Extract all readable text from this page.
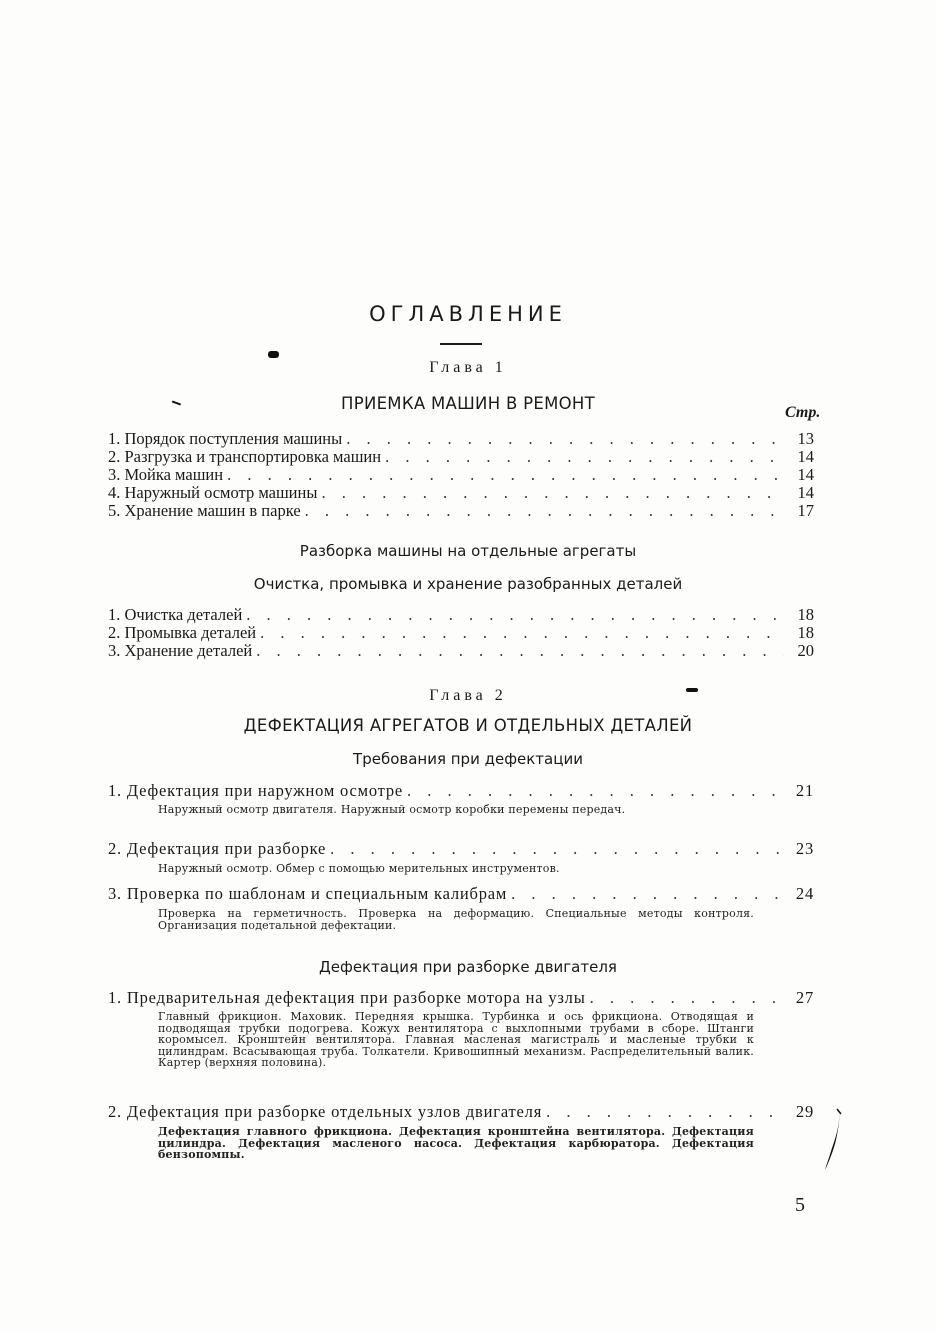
ОГЛАВЛЕНИЕ
Глава 1
ПРИЕМКА МАШИН В РЕМОНТ	Стр.
1. Порядок поступления машины . . .	13
2. Разгрузка и транспортировка машин . . .	14
3. Мойка машин . . .	14
4. Наружный осмотр машины . . .	14
5. Хранение машин в парке . . .	17
Разборка машины на отдельные агрегаты
Очистка, промывка и хранение разобранных деталей
1. Очистка деталей . . .	18
2. Промывка деталей . . .	18
3. Хранение деталей . . .	20
Глава 2
ДЕФЕКТАЦИЯ АГРЕГАТОВ И ОТДЕЛЬНЫХ ДЕТАЛЕЙ
Требования при дефектации
1. Дефектация при наружном осмотре . . .	21
Наружный осмотр двигателя. Наружный осмотр коробки перемены передач.
2. Дефектация при разборке . . .	23
Наружный осмотр. Обмер с помощью мерительных инструментов.
3. Проверка по шаблонам и специальным калибрам . . .	24
Проверка на герметичность. Проверка на деформацию. Специальные методы контроля. Организация подетальной дефектации.
Дефектация при разборке двигателя
1. Предварительная дефектация при разборке мотора на узлы . . .	27
Главный фрикцион. Маховик. Передняя крышка. Турбинка и ось фрикциона. Отводящая и подводящая трубки подогрева. Кожух вентилятора с выхлопными трубами в сборе. Штанги коромысел. Кронштейн вентилятора. Главная масленая магистраль и масленые трубки к цилиндрам. Всасывающая труба. Толкатели. Кривошипный механизм. Распределительный валик. Картер (верхняя половина).
2. Дефектация при разборке отдельных узлов двигателя . . .	29
Дефектация главного фрикциона. Дефектация кронштейна вентилятора. Дефектация цилиндра. Дефектация масленого насоса. Дефектация карбюратора. Дефектация бензопомпы.
5
